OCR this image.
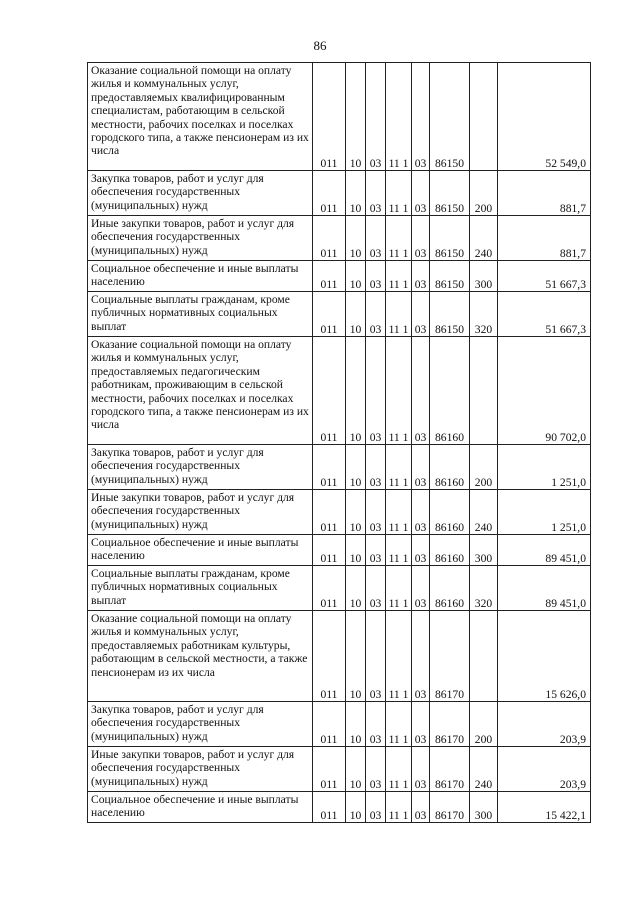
86
Оказание социальной помощи на оплату жилья и коммунальных услуг, предоставляемых квалифицированным специалистам, работающим в сельской местности, рабочих поселках и поселках городского типа, а также пенсионерам из их числа	011	10	03	11 1	03	86150		52 549,0

Закупка товаров, работ и услуг для обеспечения государственных (муниципальных) нужд	011	10	03	11 1	03	86150	200	881,7

Иные закупки товаров, работ и услуг для обеспечения государственных (муниципальных) нужд	011	10	03	11 1	03	86150	240	881,7

Социальное обеспечение и иные выплаты населению	011	10	03	11 1	03	86150	300	51 667,3

Социальные выплаты гражданам, кроме публичных нормативных социальных выплат	011	10	03	11 1	03	86150	320	51 667,3

Оказание социальной помощи на оплату жилья и коммунальных услуг, предоставляемых педагогическим работникам, проживающим в сельской местности, рабочих поселках и поселках городского типа, а также пенсионерам из их числа	011	10	03	11 1	03	86160		90 702,0

Закупка товаров, работ и услуг для обеспечения государственных (муниципальных) нужд	011	10	03	11 1	03	86160	200	1 251,0

Иные закупки товаров, работ и услуг для обеспечения государственных (муниципальных) нужд	011	10	03	11 1	03	86160	240	1 251,0

Социальное обеспечение и иные выплаты населению	011	10	03	11 1	03	86160	300	89 451,0

Социальные выплаты гражданам, кроме публичных нормативных социальных выплат	011	10	03	11 1	03	86160	320	89 451,0

Оказание социальной помощи на оплату жилья и коммунальных услуг, предоставляемых работникам культуры, работающим в сельской местности, а также пенсионерам из их числа	011	10	03	11 1	03	86170		15 626,0

Закупка товаров, работ и услуг для обеспечения государственных (муниципальных) нужд	011	10	03	11 1	03	86170	200	203,9

Иные закупки товаров, работ и услуг для обеспечения государственных (муниципальных) нужд	011	10	03	11 1	03	86170	240	203,9

Социальное обеспечение и иные выплаты населению	011	10	03	11 1	03	86170	300	15 422,1
